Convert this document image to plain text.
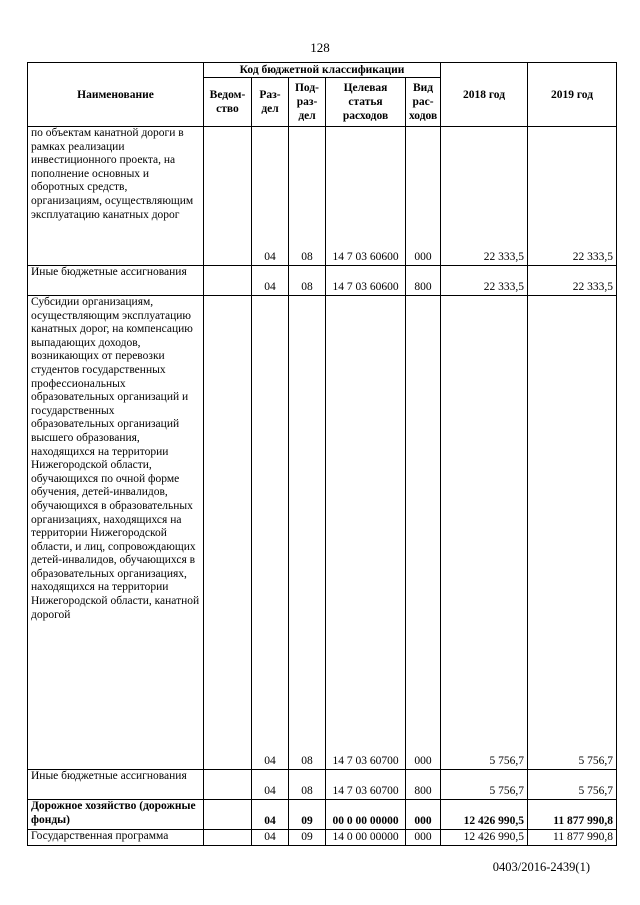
128
Наименование	Код бюджетной классификации					2018 год	2019 год
	Ведом-ство	Раз-дел	Под-раз-дел	Целевая статья расходов	Вид рас-ходов		
по объектам канатной дороги в рамках реализации инвестиционного проекта, на пополнение основных и оборотных средств, организациям, осуществляющим эксплуатацию канатных дорог		04	08	14 7 03 60600	000	22 333,5	22 333,5
Иные бюджетные ассигнования		04	08	14 7 03 60600	800	22 333,5	22 333,5
Субсидии организациям, осуществляющим эксплуатацию канатных дорог, на компенсацию выпадающих доходов, возникающих от перевозки студентов государственных профессиональных образовательных организаций и государственных образовательных организаций высшего образования, находящихся на территории Нижегородской области, обучающихся по очной форме обучения, детей-инвалидов, обучающихся в образовательных организациях, находящихся на территории Нижегородской области, и лиц, сопровождающих детей-инвалидов, обучающихся в образовательных организациях, находящихся на территории Нижегородской области, канатной дорогой		04	08	14 7 03 60700	000	5 756,7	5 756,7
Иные бюджетные ассигнования		04	08	14 7 03 60700	800	5 756,7	5 756,7
Дорожное хозяйство (дорожные фонды)		04	09	00 0 00 00000	000	12 426 990,5	11 877 990,8
Государственная программа		04	09	14 0 00 00000	000	12 426 990,5	11 877 990,8
0403/2016-2439(1)
